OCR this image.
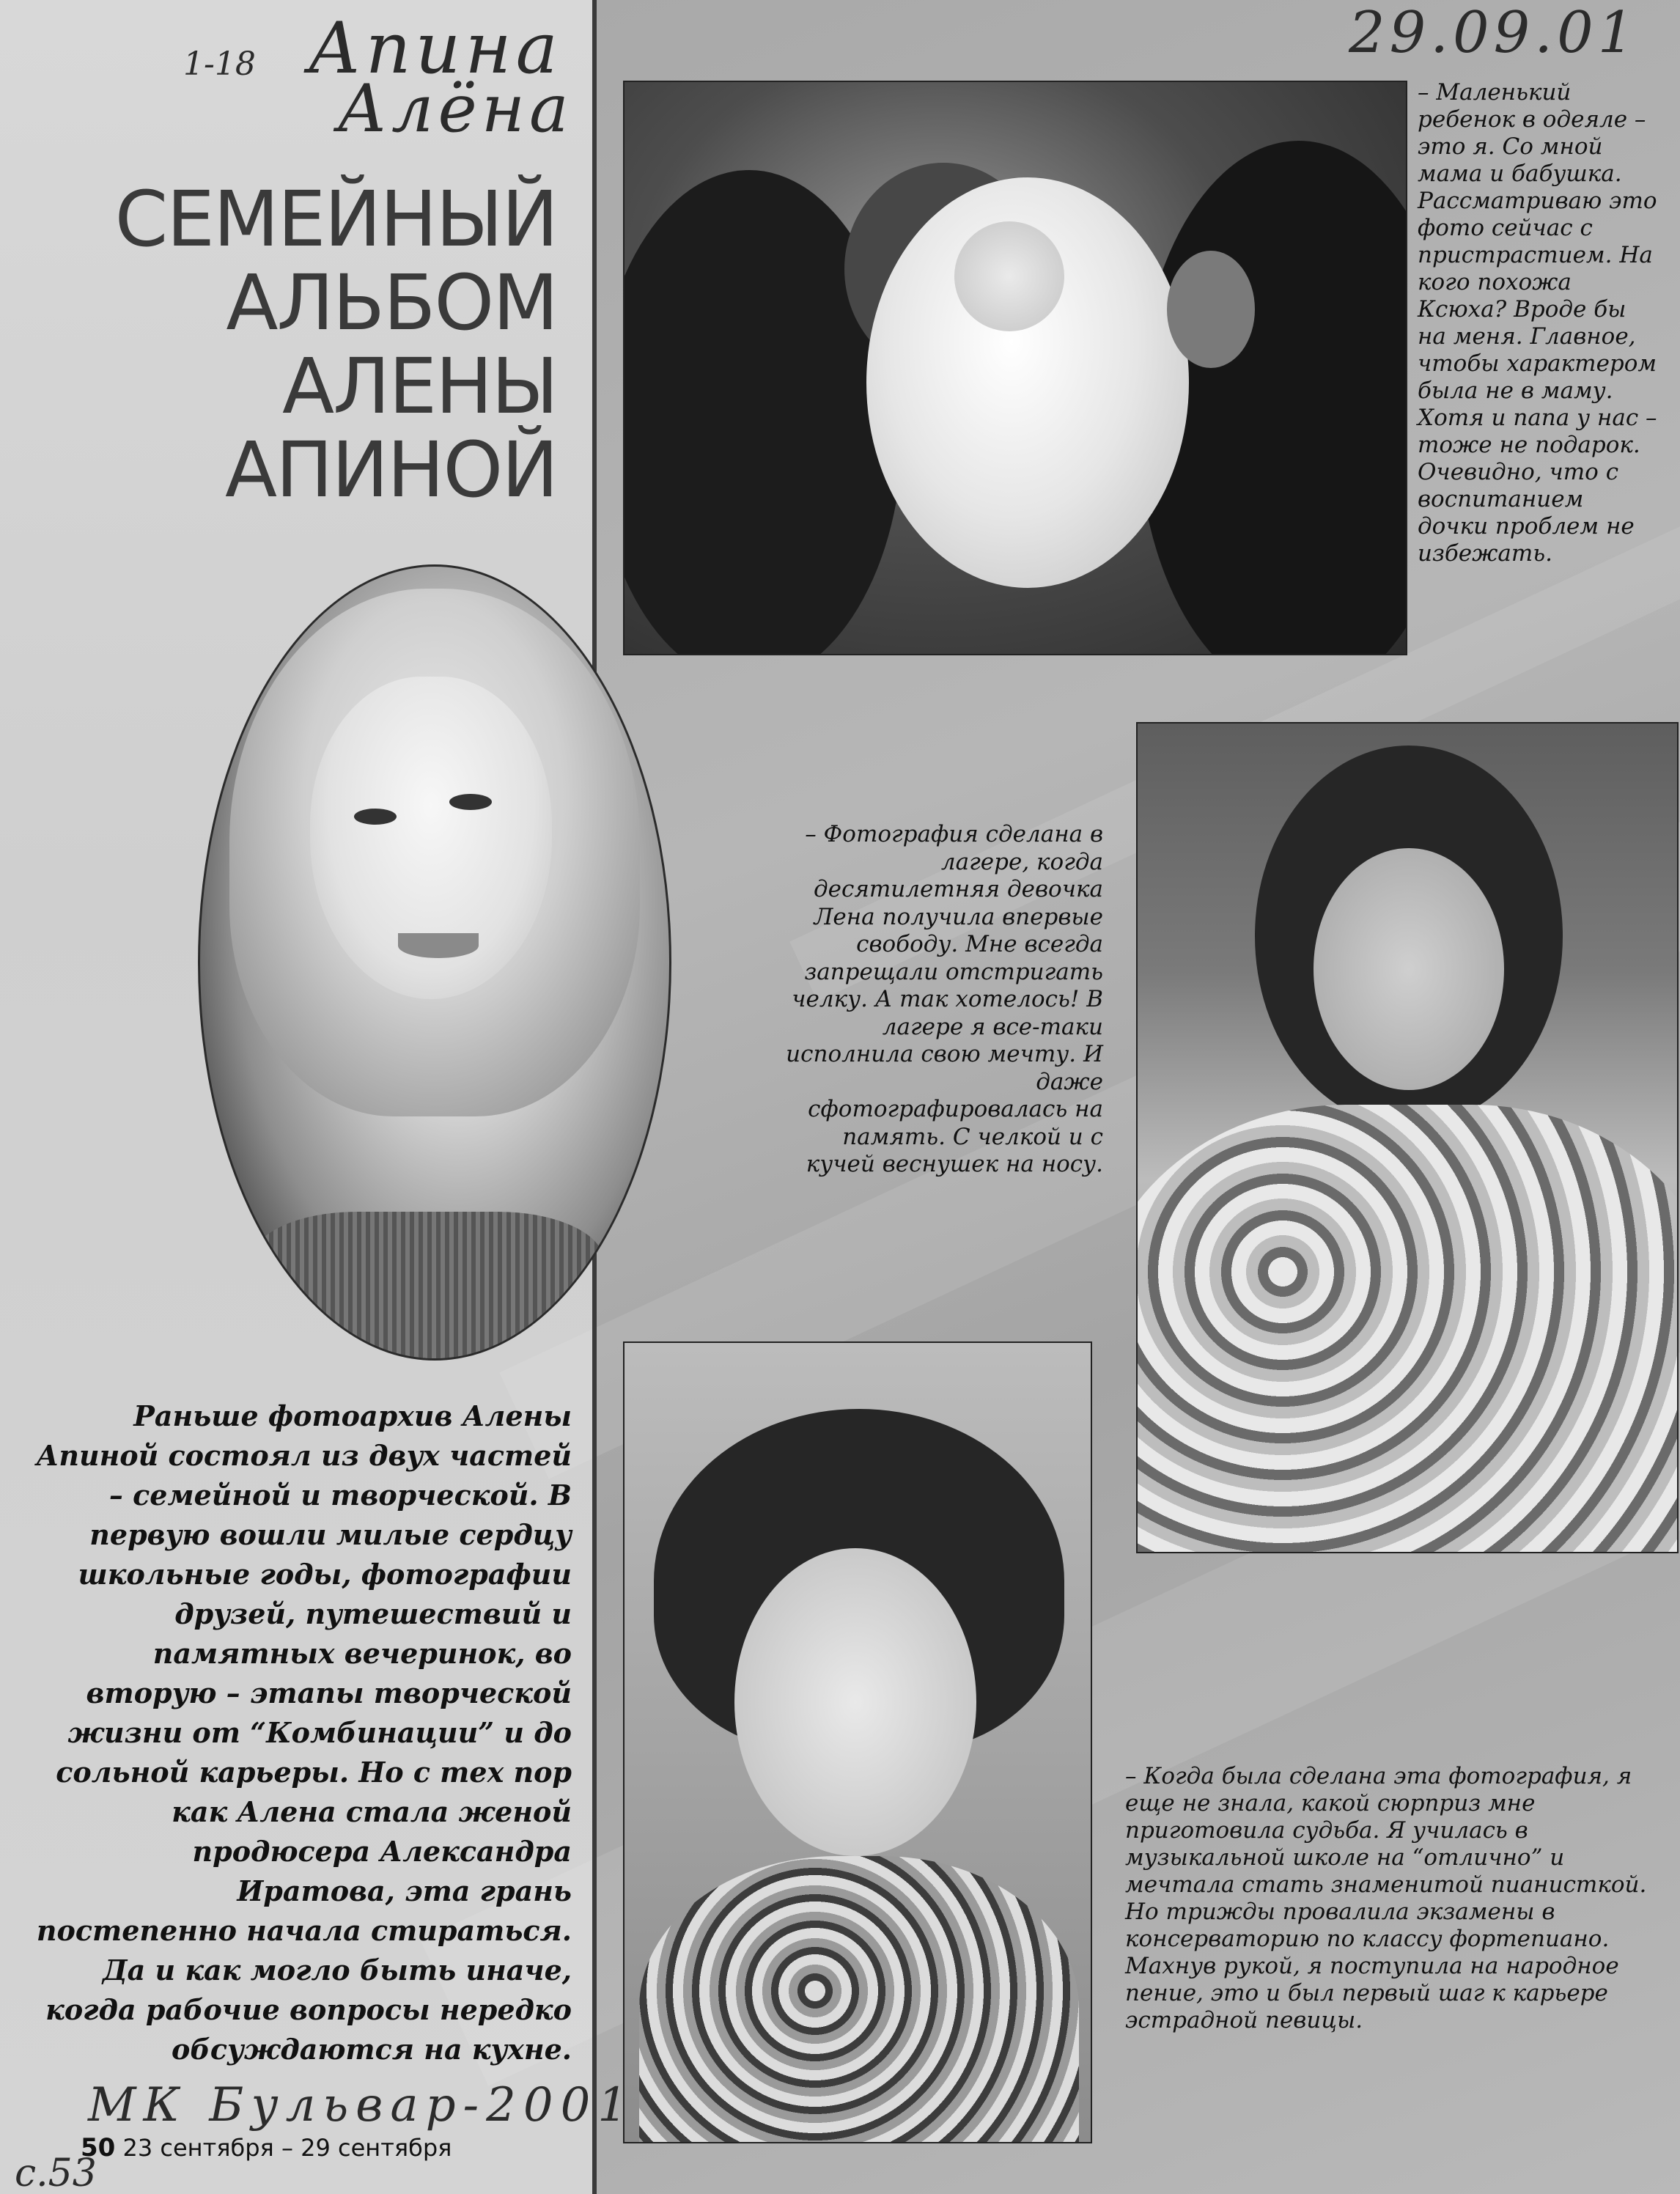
29.09.01
1-18 Апина
Алёна
СЕМЕЙНЫЙ
АЛЬБОМ
АЛЕНЫ
АПИНОЙ

Раньше фотоархив Алены Апиной состоял из двух частей – семейной и творческой. В первую вошли милые сердцу школьные годы, фотографии друзей, путешествий и памятных вечеринок, во вторую – этапы творческой жизни от “Комбинации” и до сольной карьеры. Но с тех пор как Алена стала женой продюсера Александра Иратова, эта грань постепенно начала стираться. Да и как могло быть иначе, когда рабочие вопросы нередко обсуждаются на кухне.

– Маленький ребенок в одеяле – это я. Со мной мама и бабушка. Рассматриваю это фото сейчас с пристрастием. На кого похожа Ксюха? Вроде бы на меня. Главное, чтобы характером была не в маму. Хотя и папа у нас – тоже не подарок. Очевидно, что с воспитанием дочки проблем не избежать.

– Фотография сделана в лагере, когда десятилетняя девочка Лена получила впервые свободу. Мне всегда запрещали отстригать челку. А так хотелось! В лагере я все-таки исполнила свою мечту. И даже сфотографировалась на память. С челкой и с кучей веснушек на носу.

– Когда была сделана эта фотография, я еще не знала, какой сюрприз мне приготовила судьба. Я училась в музыкальной школе на “отлично” и мечтала стать знаменитой пианисткой. Но трижды провалила экзамены в консерваторию по классу фортепиано. Махнув рукой, я поступила на народное пение, это и был первый шаг к карьере эстрадной певицы.

МК Бульвар-2001
50 23 сентября – 29 сентября
с.53
